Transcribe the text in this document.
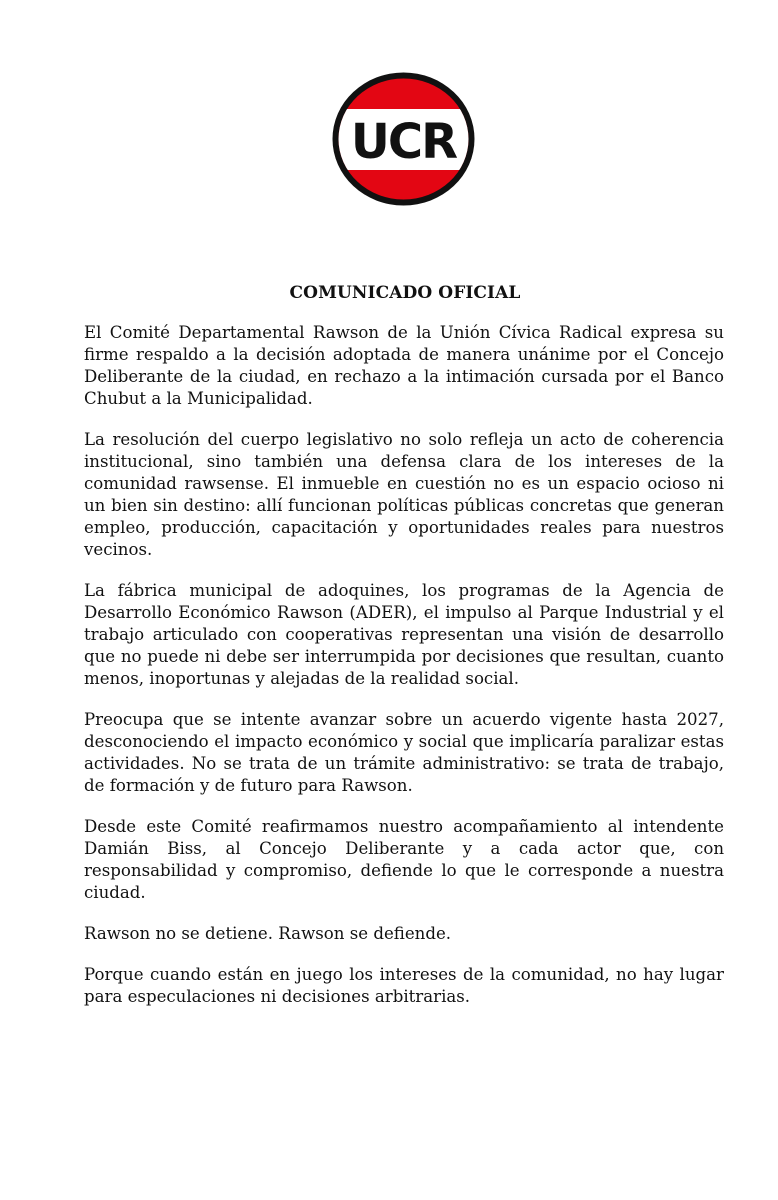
UCR
COMUNICADO OFICIAL

El Comité Departamental Rawson de la Unión Cívica Radical expresa su firme respaldo a la decisión adoptada de manera unánime por el Concejo Deliberante de la ciudad, en rechazo a la intimación cursada por el Banco Chubut a la Municipalidad.

La resolución del cuerpo legislativo no solo refleja un acto de coherencia institucional, sino también una defensa clara de los intereses de la comunidad rawsense. El inmueble en cuestión no es un espacio ocioso ni un bien sin destino: allí funcionan políticas públicas concretas que generan empleo, producción, capacitación y oportunidades reales para nuestros vecinos.

La fábrica municipal de adoquines, los programas de la Agencia de Desarrollo Económico Rawson (ADER), el impulso al Parque Industrial y el trabajo articulado con cooperativas representan una visión de desarrollo que no puede ni debe ser interrumpida por decisiones que resultan, cuanto menos, inoportunas y alejadas de la realidad social.

Preocupa que se intente avanzar sobre un acuerdo vigente hasta 2027, desconociendo el impacto económico y social que implicaría paralizar estas actividades. No se trata de un trámite administrativo: se trata de trabajo, de formación y de futuro para Rawson.

Desde este Comité reafirmamos nuestro acompañamiento al intendente Damián Biss, al Concejo Deliberante y a cada actor que, con responsabilidad y compromiso, defiende lo que le corresponde a nuestra ciudad.

Rawson no se detiene. Rawson se defiende.

Porque cuando están en juego los intereses de la comunidad, no hay lugar para especulaciones ni decisiones arbitrarias.
